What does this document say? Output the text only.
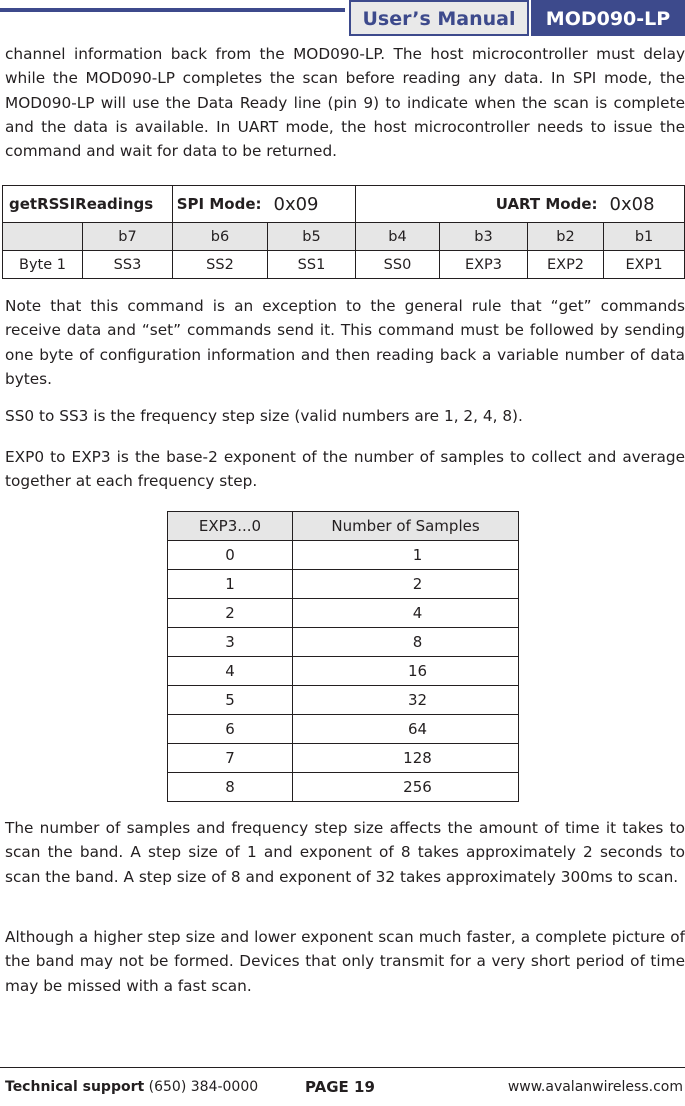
User’s Manual	MOD090-LP

channel information back from the MOD090-LP. The host microcontroller must delay while the MOD090-LP completes the scan before reading any data. In SPI mode, the MOD090-LP will use the Data Ready line (pin 9) to indicate when the scan is complete and the data is available. In UART mode, the host microcontroller needs to issue the command and wait for data to be returned.

getRSSIReadings		SPI Mode:	0x09	UART Mode:			0x08
	b7	b6	b5	b4	b3	b2	b1
Byte 1	SS3	SS2	SS1	SS0	EXP3	EXP2	EXP1

Note that this command is an exception to the general rule that “get” commands receive data and “set” commands send it. This command must be followed by sending one byte of configuration information and then reading back a variable number of data bytes.

SS0 to SS3 is the frequency step size (valid numbers are 1, 2, 4, 8).

EXP0 to EXP3 is the base-2 exponent of the number of samples to collect and average together at each frequency step.

EXP3...0	Number of Samples
0	1
1	2
2	4
3	8
4	16
5	32
6	64
7	128
8	256

The number of samples and frequency step size affects the amount of time it takes to scan the band. A step size of 1 and exponent of 8 takes approximately 2 seconds to scan the band. A step size of 8 and exponent of 32 takes approximately 300ms to scan.

Although a higher step size and lower exponent scan much faster, a complete picture of the band may not be formed. Devices that only transmit for a very short period of time may be missed with a fast scan.

Technical support (650) 384-0000	PAGE 19	www.avalanwireless.com
